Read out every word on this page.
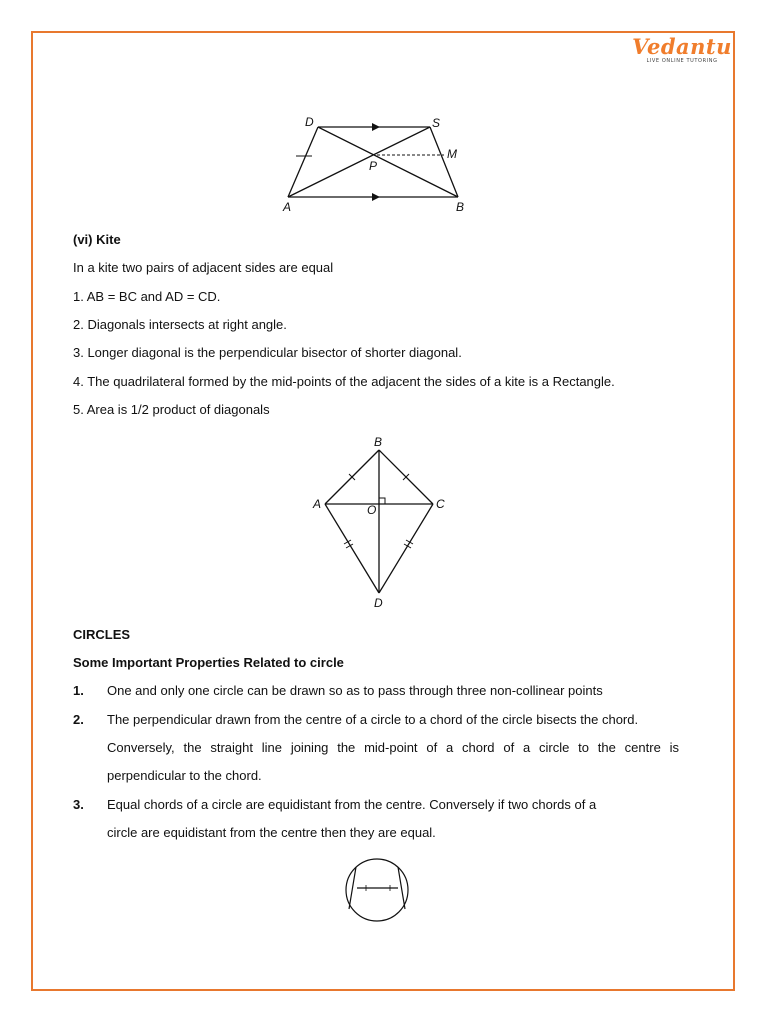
Vedantu
LIVE ONLINE TUTORING
D	S
M
P
A	B
(vi) Kite
In a kite two pairs of adjacent sides are equal
1. AB = BC and AD = CD.
2. Diagonals intersects at right angle.
3. Longer diagonal is the perpendicular bisector of shorter diagonal.
4. The quadrilateral formed by the mid-points of the adjacent the sides of a kite is a Rectangle.
5. Area is 1/2 product of diagonals
B
A	C
O
D
CIRCLES
Some Important Properties Related to circle
1. One and only one circle can be drawn so as to pass through three non-collinear points
2. The perpendicular drawn from the centre of a circle to a chord of the circle bisects the chord.
Conversely, the straight line joining the mid-point of a chord of a circle to the centre is
perpendicular to the chord.
3. Equal chords of a circle are equidistant from the centre. Conversely if two chords of a
circle are equidistant from the centre then they are equal.
